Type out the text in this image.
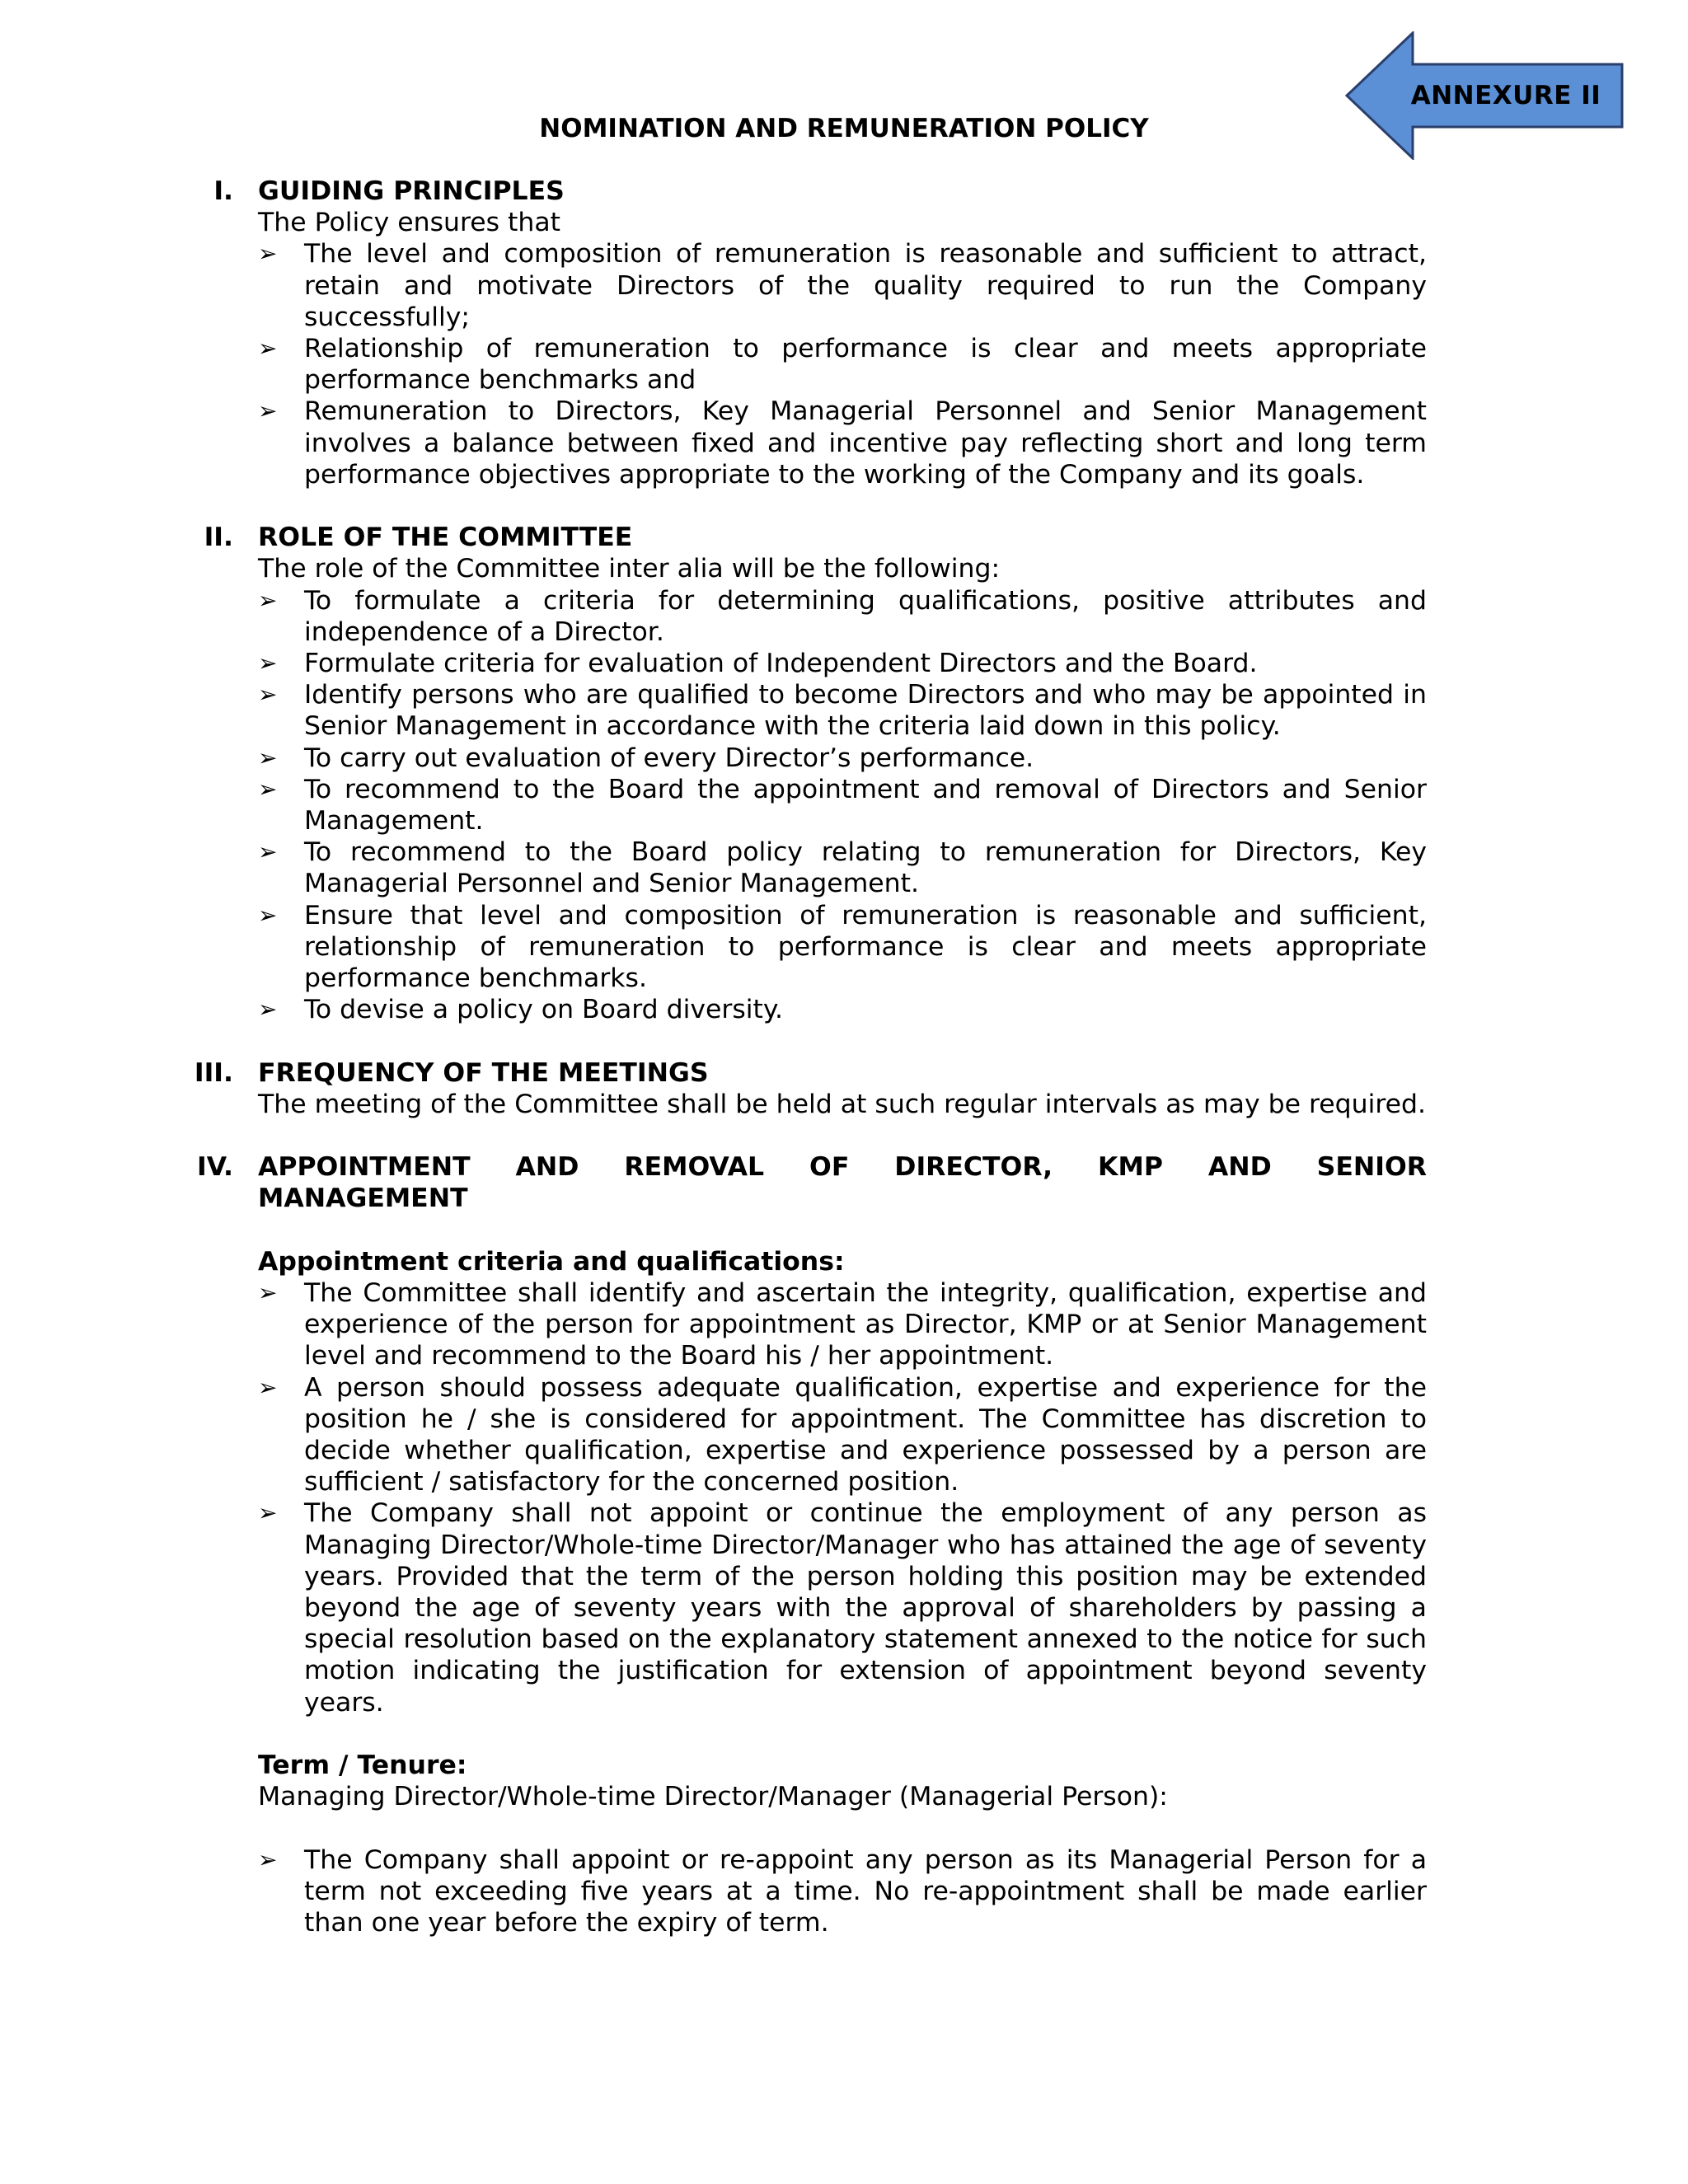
ANNEXURE II
NOMINATION AND REMUNERATION POLICY
I. GUIDING PRINCIPLES
The Policy ensures that
➢ The level and composition of remuneration is reasonable and sufficient to attract, retain and motivate Directors of the quality required to run the Company successfully;
➢ Relationship of remuneration to performance is clear and meets appropriate performance benchmarks and
➢ Remuneration to Directors, Key Managerial Personnel and Senior Management involves a balance between fixed and incentive pay reflecting short and long term performance objectives appropriate to the working of the Company and its goals.
II. ROLE OF THE COMMITTEE
The role of the Committee inter alia will be the following:
➢ To formulate a criteria for determining qualifications, positive attributes and independence of a Director.
➢ Formulate criteria for evaluation of Independent Directors and the Board.
➢ Identify persons who are qualified to become Directors and who may be appointed in Senior Management in accordance with the criteria laid down in this policy.
➢ To carry out evaluation of every Director’s performance.
➢ To recommend to the Board the appointment and removal of Directors and Senior Management.
➢ To recommend to the Board policy relating to remuneration for Directors, Key Managerial Personnel and Senior Management.
➢ Ensure that level and composition of remuneration is reasonable and sufficient, relationship of remuneration to performance is clear and meets appropriate performance benchmarks.
➢ To devise a policy on Board diversity.
III. FREQUENCY OF THE MEETINGS
The meeting of the Committee shall be held at such regular intervals as may be required.
IV. APPOINTMENT AND REMOVAL OF DIRECTOR, KMP AND SENIOR
MANAGEMENT
Appointment criteria and qualifications:
➢ The Committee shall identify and ascertain the integrity, qualification, expertise and experience of the person for appointment as Director, KMP or at Senior Management level and recommend to the Board his / her appointment.
➢ A person should possess adequate qualification, expertise and experience for the position he / she is considered for appointment. The Committee has discretion to decide whether qualification, expertise and experience possessed by a person are sufficient / satisfactory for the concerned position.
➢ The Company shall not appoint or continue the employment of any person as Managing Director/Whole-time Director/Manager who has attained the age of seventy years. Provided that the term of the person holding this position may be extended beyond the age of seventy years with the approval of shareholders by passing a special resolution based on the explanatory statement annexed to the notice for such motion indicating the justification for extension of appointment beyond seventy years.
Term / Tenure:
Managing Director/Whole-time Director/Manager (Managerial Person):
➢ The Company shall appoint or re-appoint any person as its Managerial Person for a term not exceeding five years at a time. No re-appointment shall be made earlier than one year before the expiry of term.
